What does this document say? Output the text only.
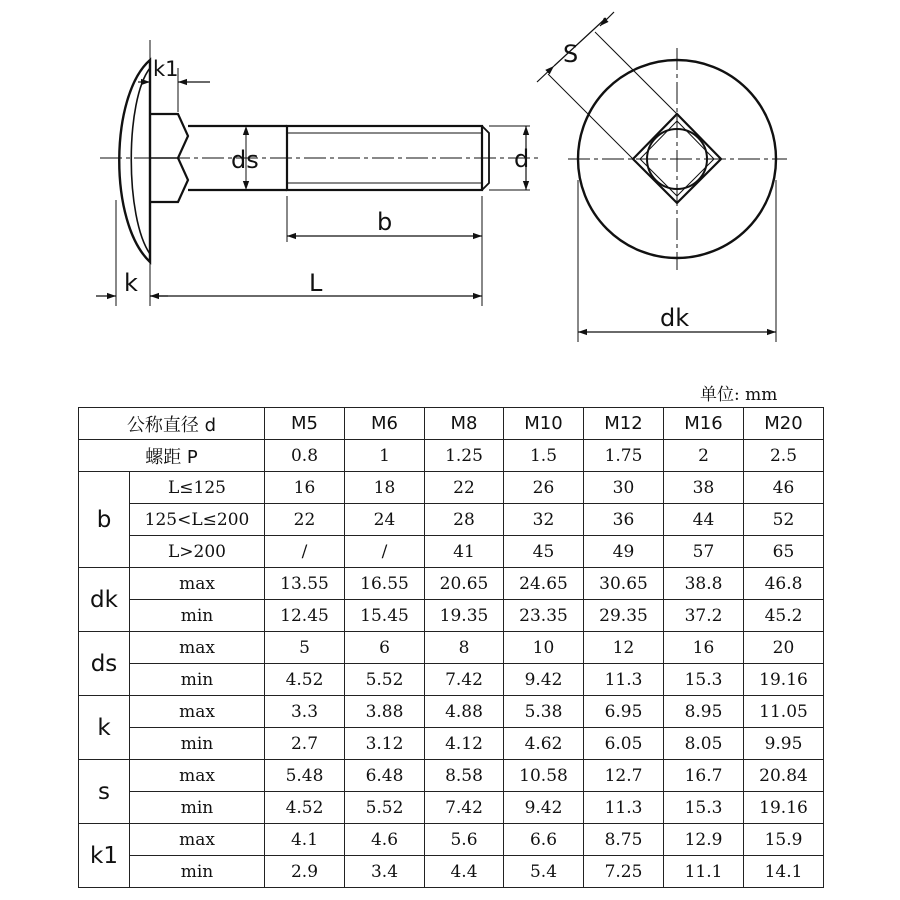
k1
ds	d
b
L
k
S
dk
单位: mm
公称直径 d		M5	M6	M8	M10	M12	M16	M20
螺距 P		0.8	1	1.25	1.5	1.75	2	2.5
b	L≤125	16	18	22	26	30	38	46
	125<L≤200	22	24	28	32	36	44	52
	L>200	/	/	41	45	49	57	65
dk	max	13.55	16.55	20.65	24.65	30.65	38.8	46.8
	min	12.45	15.45	19.35	23.35	29.35	37.2	45.2
ds	max	5	6	8	10	12	16	20
	min	4.52	5.52	7.42	9.42	11.3	15.3	19.16
k	max	3.3	3.88	4.88	5.38	6.95	8.95	11.05
	min	2.7	3.12	4.12	4.62	6.05	8.05	9.95
s	max	5.48	6.48	8.58	10.58	12.7	16.7	20.84
	min	4.52	5.52	7.42	9.42	11.3	15.3	19.16
k1	max	4.1	4.6	5.6	6.6	8.75	12.9	15.9
	min	2.9	3.4	4.4	5.4	7.25	11.1	14.1
